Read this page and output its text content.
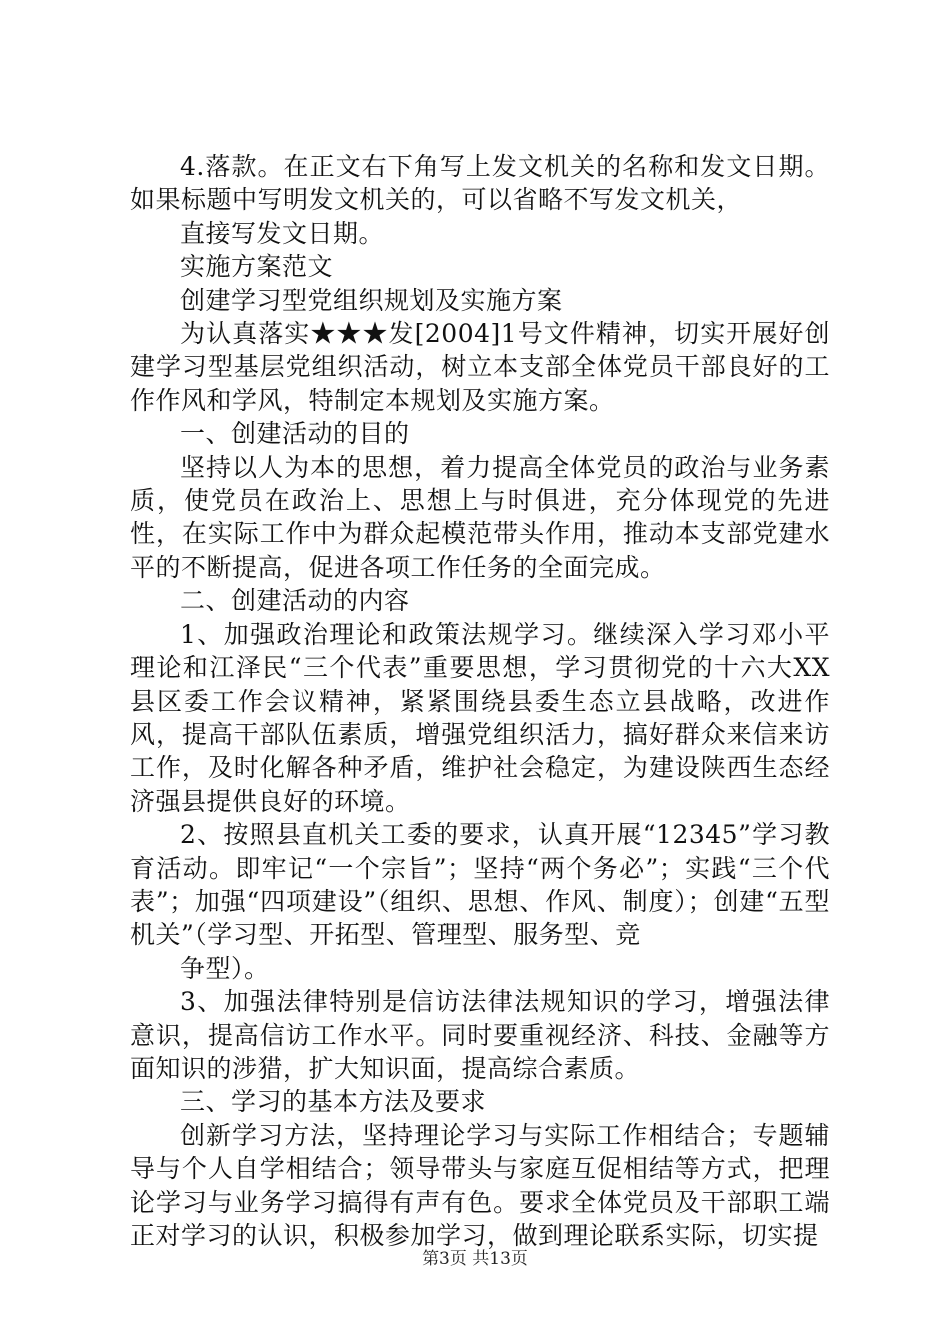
4.落款。在正文右下角写上发文机关的名称和发文日期。如果标题中写明发文机关的，可以省略不写发文机关，

直接写发文日期。

实施方案范文

创建学习型党组织规划及实施方案

为认真落实★★★发[2004]1号文件精神，切实开展好创建学习型基层党组织活动，树立本支部全体党员干部良好的工作作风和学风，特制定本规划及实施方案。

一、创建活动的目的

坚持以人为本的思想，着力提高全体党员的政治与业务素质，使党员在政治上、思想上与时俱进，充分体现党的先进性，在实际工作中为群众起模范带头作用，推动本支部党建水平的不断提高，促进各项工作任务的全面完成。

二、创建活动的内容

1、加强政治理论和政策法规学习。继续深入学习邓小平理论和江泽民“三个代表”重要思想，学习贯彻党的十六大XX县区委工作会议精神，紧紧围绕县委生态立县战略，改进作风，提高干部队伍素质，增强党组织活力，搞好群众来信来访工作，及时化解各种矛盾，维护社会稳定，为建设陕西生态经济强县提供良好的环境。

2、按照县直机关工委的要求，认真开展“12345”学习教育活动。即牢记“一个宗旨”；坚持“两个务必”；实践“三个代表”；加强“四项建设”（组织、思想、作风、制度）；创建“五型机关”（学习型、开拓型、管理型、服务型、竞

争型）。

3、加强法律特别是信访法律法规知识的学习，增强法律意识，提高信访工作水平。同时要重视经济、科技、金融等方面知识的涉猎，扩大知识面，提高综合素质。

三、学习的基本方法及要求

创新学习方法，坚持理论学习与实际工作相结合；专题辅导与个人自学相结合；领导带头与家庭互促相结等方式，把理论学习与业务学习搞得有声有色。要求全体党员及干部职工端正对学习的认识，积极参加学习，做到理论联系实际，切实提

第3页 共13页
